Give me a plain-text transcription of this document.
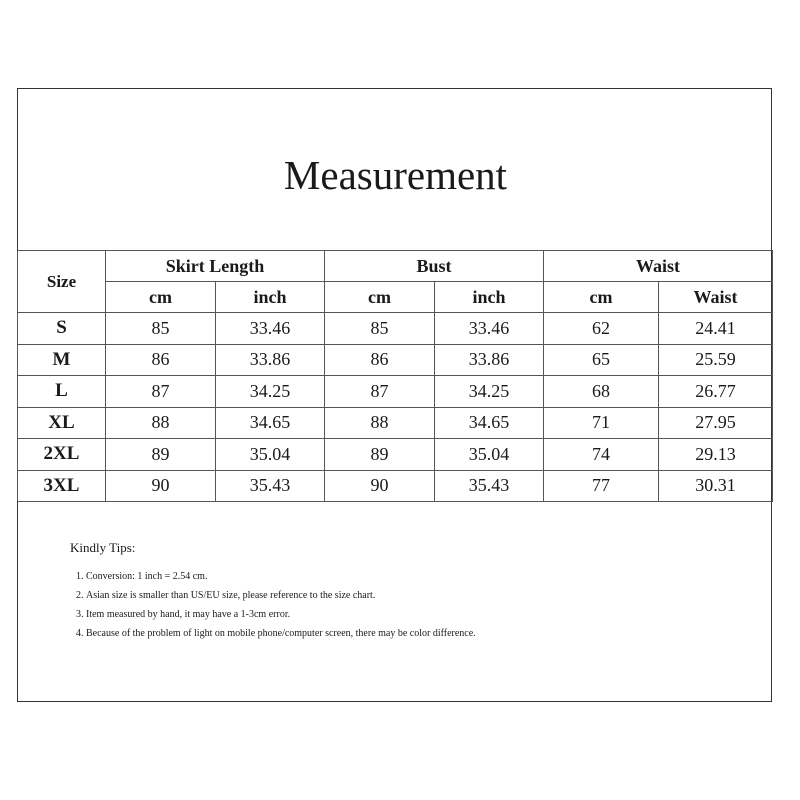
Measurement
Size	Skirt Length		Bust		Waist	
	cm	inch	cm	inch	cm	Waist
S	85	33.46	85	33.46	62	24.41
M	86	33.86	86	33.86	65	25.59
L	87	34.25	87	34.25	68	26.77
XL	88	34.65	88	34.65	71	27.95
2XL	89	35.04	89	35.04	74	29.13
3XL	90	35.43	90	35.43	77	30.31
Kindly Tips:
1. Conversion: 1 inch = 2.54 cm.
2. Asian size is smaller than US/EU size, please reference to the size chart.
3. Item measured by hand, it may have a 1-3cm error.
4. Because of the problem of light on mobile phone/computer screen, there may be color difference.
